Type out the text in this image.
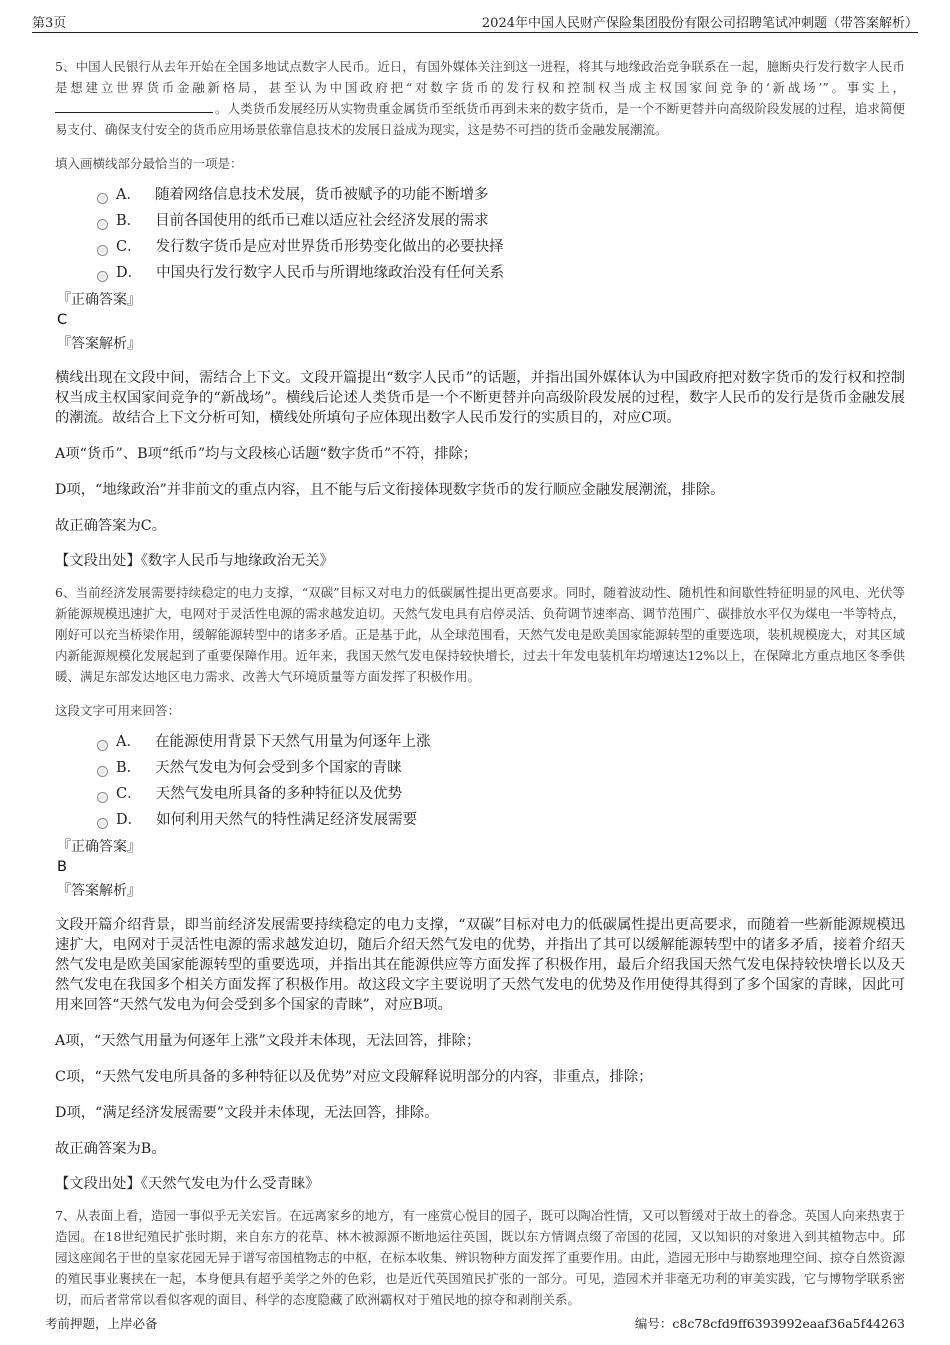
第3页	2024年中国人民财产保险集团股份有限公司招聘笔试冲刺题（带答案解析）

5、中国人民银行从去年开始在全国多地试点数字人民币。近日，有国外媒体关注到这一进程，将其与地缘政治竞争联系在一起，臆断央行发行数字人民币是想建立世界货币金融新格局，甚至认为中国政府把“对数字货币的发行权和控制权当成主权国家间竞争的‘新战场’”。事实上，。人类货币发展经历从实物贵重金属货币至纸货币再到未来的数字货币，是一个不断更替并向高级阶段发展的过程，追求简便易支付、确保支付安全的货币应用场景依靠信息技术的发展日益成为现实，这是势不可挡的货币金融发展潮流。

填入画横线部分最恰当的一项是：
A． 随着网络信息技术发展，货币被赋予的功能不断增多
B． 目前各国使用的纸币已难以适应社会经济发展的需求
C． 发行数字货币是应对世界货币形势变化做出的必要抉择
D． 中国央行发行数字人民币与所谓地缘政治没有任何关系
『正确答案』
C
『答案解析』

横线出现在文段中间，需结合上下文。文段开篇提出“数字人民币”的话题，并指出国外媒体认为中国政府把对数字货币的发行权和控制权当成主权国家间竞争的“新战场”。横线后论述人类货币是一个不断更替并向高级阶段发展的过程，数字人民币的发行是货币金融发展的潮流。故结合上下文分析可知，横线处所填句子应体现出数字人民币发行的实质目的，对应C项。

A项“货币”、B项“纸币”均与文段核心话题“数字货币”不符，排除；

D项，“地缘政治”并非前文的重点内容，且不能与后文衔接体现数字货币的发行顺应金融发展潮流，排除。

故正确答案为C。

【文段出处】《数字人民币与地缘政治无关》

6、当前经济发展需要持续稳定的电力支撑，“双碳”目标又对电力的低碳属性提出更高要求。同时，随着波动性、随机性和间歇性特征明显的风电、光伏等新能源规模迅速扩大，电网对于灵活性电源的需求越发迫切。天然气发电具有启停灵活、负荷调节速率高、调节范围广、碳排放水平仅为煤电一半等特点，刚好可以充当桥梁作用，缓解能源转型中的诸多矛盾。正是基于此，从全球范围看，天然气发电是欧美国家能源转型的重要选项，装机规模庞大，对其区域内新能源规模化发展起到了重要保障作用。近年来，我国天然气发电保持较快增长，过去十年发电装机年均增速达12%以上，在保障北方重点地区冬季供暖、满足东部发达地区电力需求、改善大气环境质量等方面发挥了积极作用。

这段文字可用来回答：
A． 在能源使用背景下天然气用量为何逐年上涨
B． 天然气发电为何会受到多个国家的青睐
C． 天然气发电所具备的多种特征以及优势
D． 如何利用天然气的特性满足经济发展需要
『正确答案』
B
『答案解析』

文段开篇介绍背景，即当前经济发展需要持续稳定的电力支撑，“双碳”目标对电力的低碳属性提出更高要求，而随着一些新能源规模迅速扩大，电网对于灵活性电源的需求越发迫切，随后介绍天然气发电的优势，并指出了其可以缓解能源转型中的诸多矛盾，接着介绍天然气发电是欧美国家能源转型的重要选项，并指出其在能源供应等方面发挥了积极作用，最后介绍我国天然气发电保持较快增长以及天然气发电在我国多个相关方面发挥了积极作用。故这段文字主要说明了天然气发电的优势及作用使得其得到了多个国家的青睐，因此可用来回答“天然气发电为何会受到多个国家的青睐”，对应B项。

A项，“天然气用量为何逐年上涨”文段并未体现，无法回答，排除；

C项，“天然气发电所具备的多种特征以及优势”对应文段解释说明部分的内容，非重点，排除；

D项，“满足经济发展需要”文段并未体现，无法回答，排除。

故正确答案为B。

【文段出处】《天然气发电为什么受青睐》

7、从表面上看，造园一事似乎无关宏旨。在远离家乡的地方，有一座赏心悦目的园子，既可以陶冶性情，又可以暂缓对于故土的眷念。英国人向来热衷于造园。在18世纪殖民扩张时期，来自东方的花草、林木被源源不断地运往英国，既以东方情调点缀了帝国的花园，又以知识的对象进入到其植物志中。邱园这座闻名于世的皇家花园无异于谱写帝国植物志的中枢，在标本收集、辨识物种方面发挥了重要作用。由此，造园无形中与勘察地理空间、掠夺自然资源的殖民事业裹挟在一起，本身便具有超乎美学之外的色彩，也是近代英国殖民扩张的一部分。可见，造园术并非毫无功利的审美实践，它与博物学联系密切，而后者常常以看似客观的面目、科学的态度隐藏了欧洲霸权对于殖民地的掠夺和剥削关系。

考前押题，上岸必备	编号：c8c78cfd9ff6393992eaaf36a5f44263
